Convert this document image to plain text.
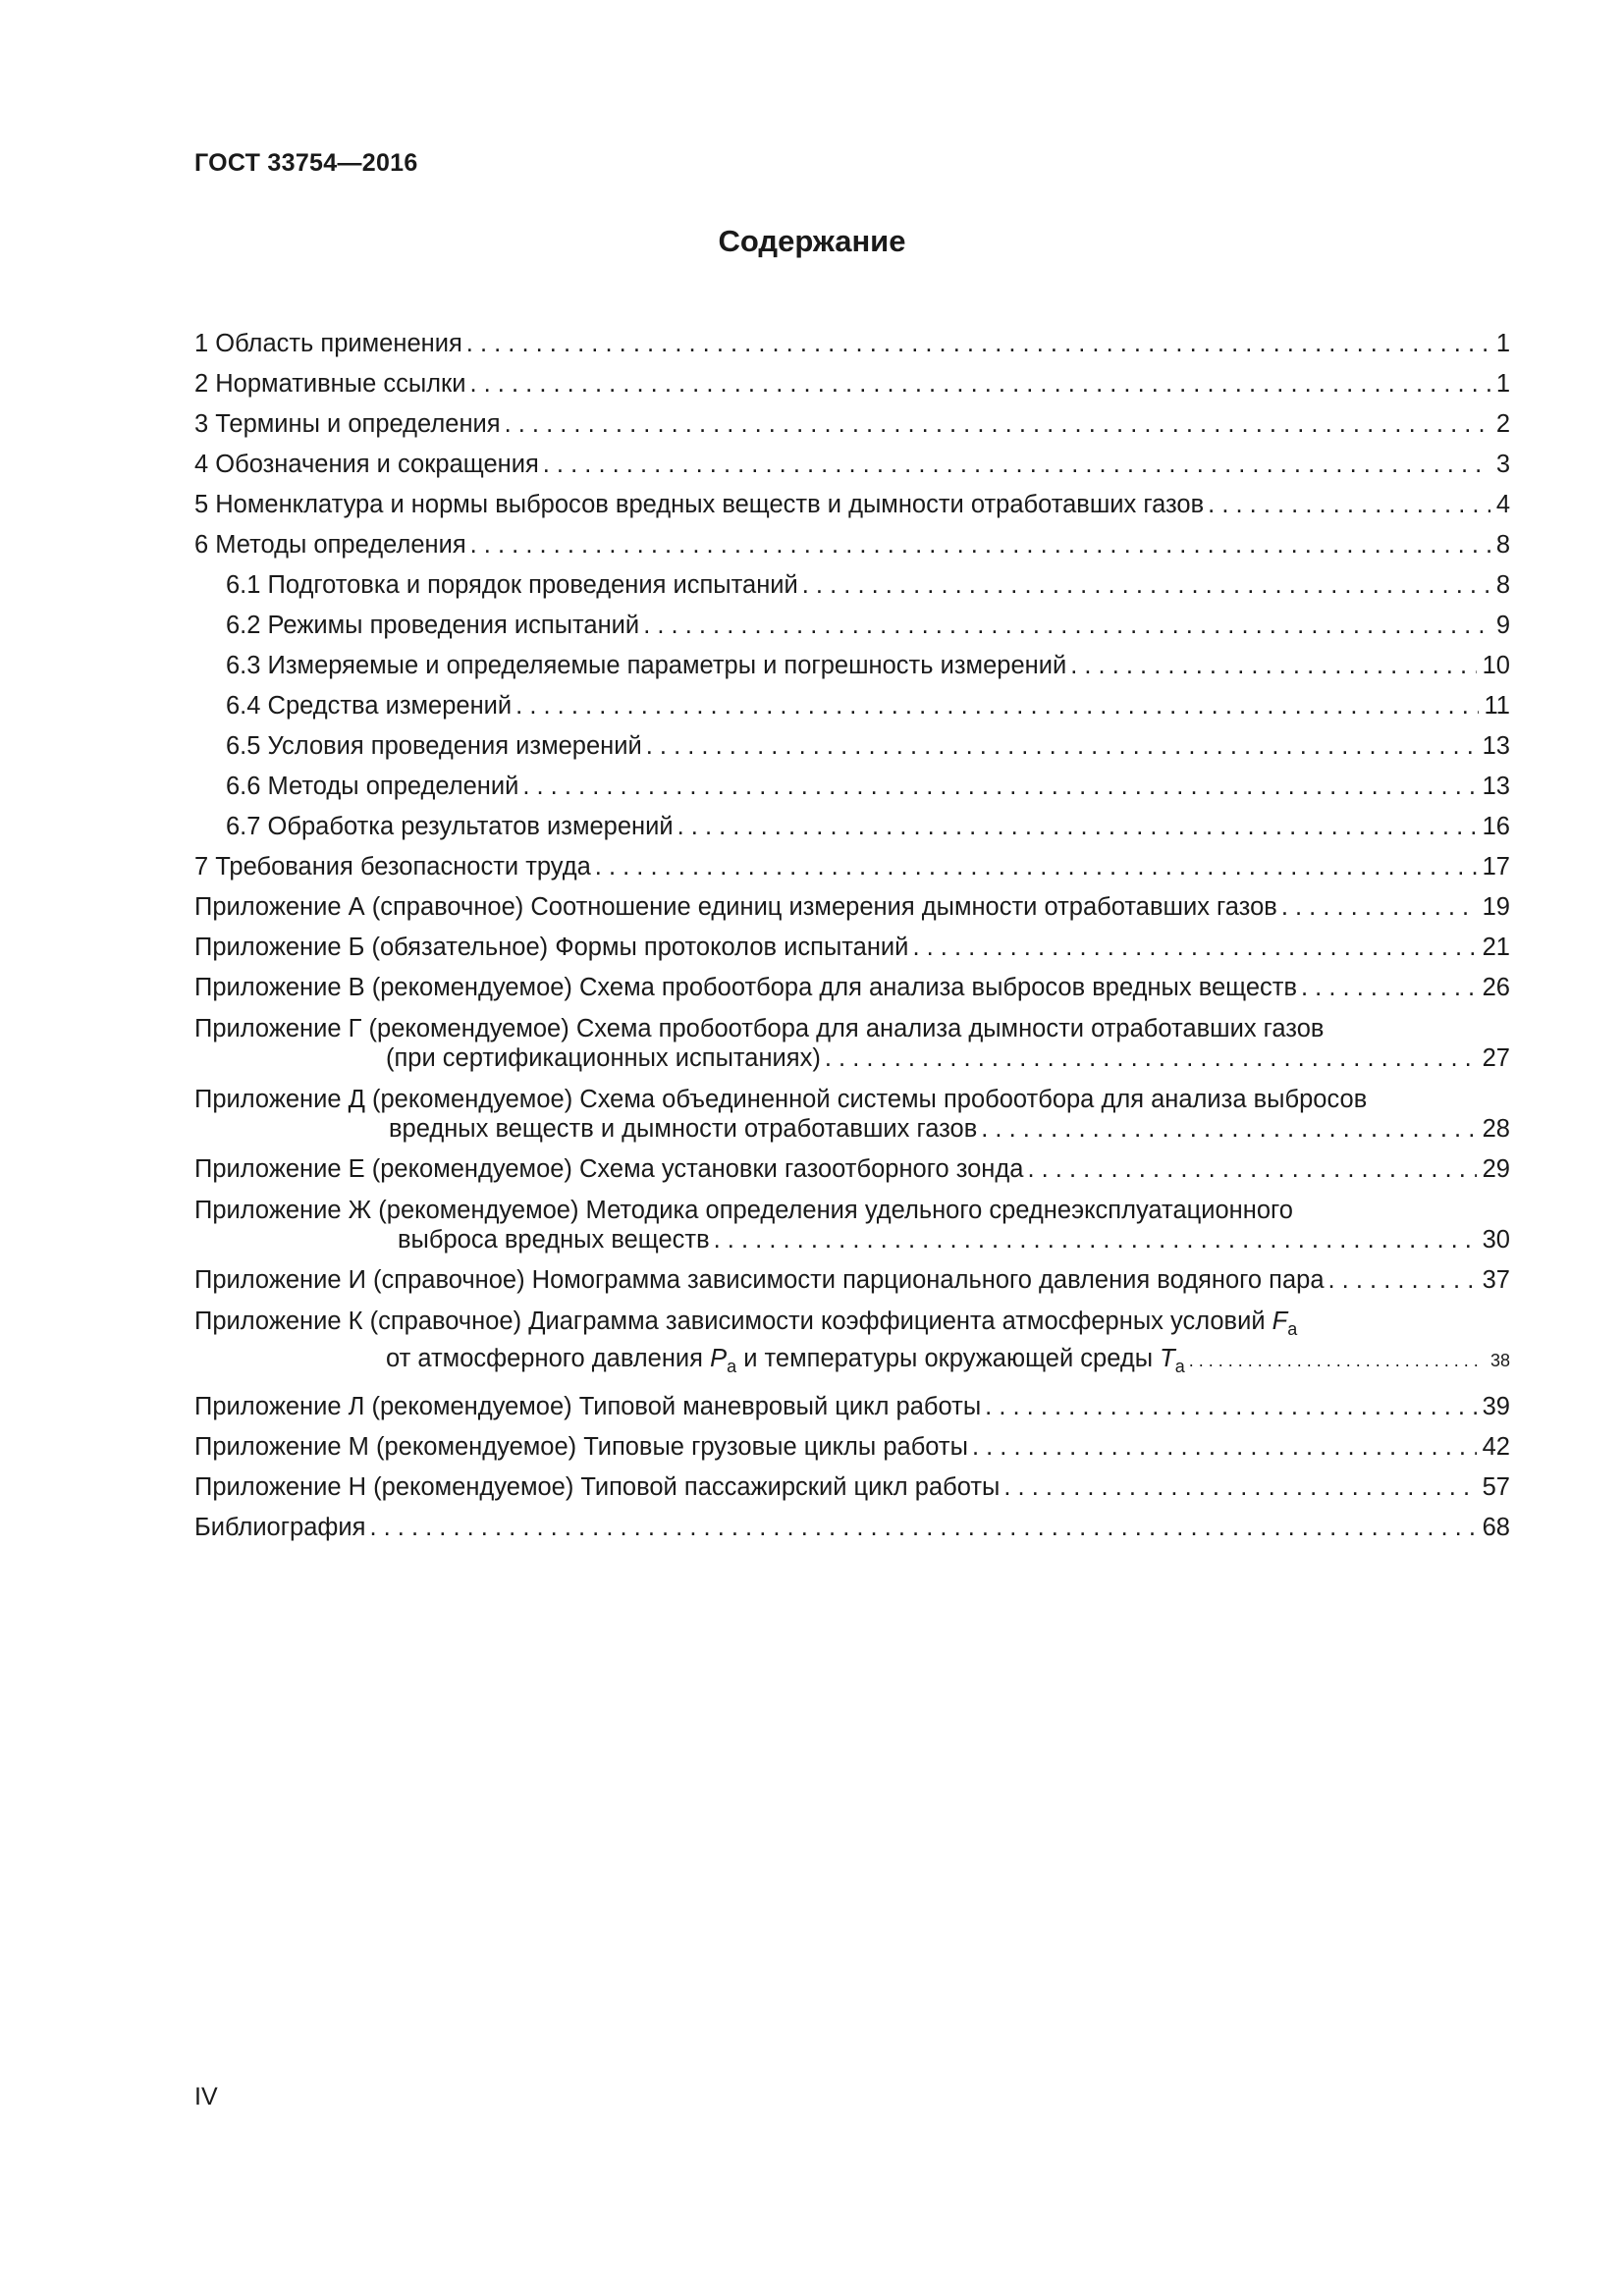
ГОСТ 33754—2016
Содержание
1 Область применения . . .	1
2 Нормативные ссылки . . .	1
3 Термины и определения . . .	2
4 Обозначения и сокращения . . .	3
5 Номенклатура и нормы выбросов вредных веществ и дымности отработавших газов . . .	4
6 Методы определения . . .	8
6.1 Подготовка и порядок проведения испытаний . . .	8
6.2 Режимы проведения испытаний . . .	9
6.3 Измеряемые и определяемые параметры и погрешность измерений . . .	10
6.4 Средства измерений . . .	11
6.5 Условия проведения измерений . . .	13
6.6 Методы определений . . .	13
6.7 Обработка результатов измерений . . .	16
7 Требования безопасности труда . . .	17
Приложение А (справочное) Соотношение единиц измерения дымности отработавших газов . . .	19
Приложение Б (обязательное) Формы протоколов испытаний . . .	21
Приложение В (рекомендуемое) Схема пробоотбора для анализа выбросов вредных веществ . . .	26
Приложение Г (рекомендуемое) Схема пробоотбора для анализа дымности отработавших газов
(при сертификационных испытаниях) . . .	27
Приложение Д (рекомендуемое) Схема объединенной системы пробоотбора для анализа выбросов
вредных веществ и дымности отработавших газов . . .	28
Приложение Е (рекомендуемое) Схема установки газоотборного зонда . . .	29
Приложение Ж (рекомендуемое) Методика определения удельного среднеэксплуатационного
выброса вредных веществ . . .	30
Приложение И (справочное) Номограмма зависимости парционального давления водяного пара . . .	37
Приложение К (справочное) Диаграмма зависимости коэффициента атмосферных условий $F_а$
от атмосферного давления $P_а$ и температуры окружающей среды $T_а$ . . .	38
Приложение Л (рекомендуемое) Типовой маневровый цикл работы . . .	39
Приложение М (рекомендуемое) Типовые грузовые циклы работы . . .	42
Приложение Н (рекомендуемое) Типовой пассажирский цикл работы . . .	57
Библиография . . .	68
IV
